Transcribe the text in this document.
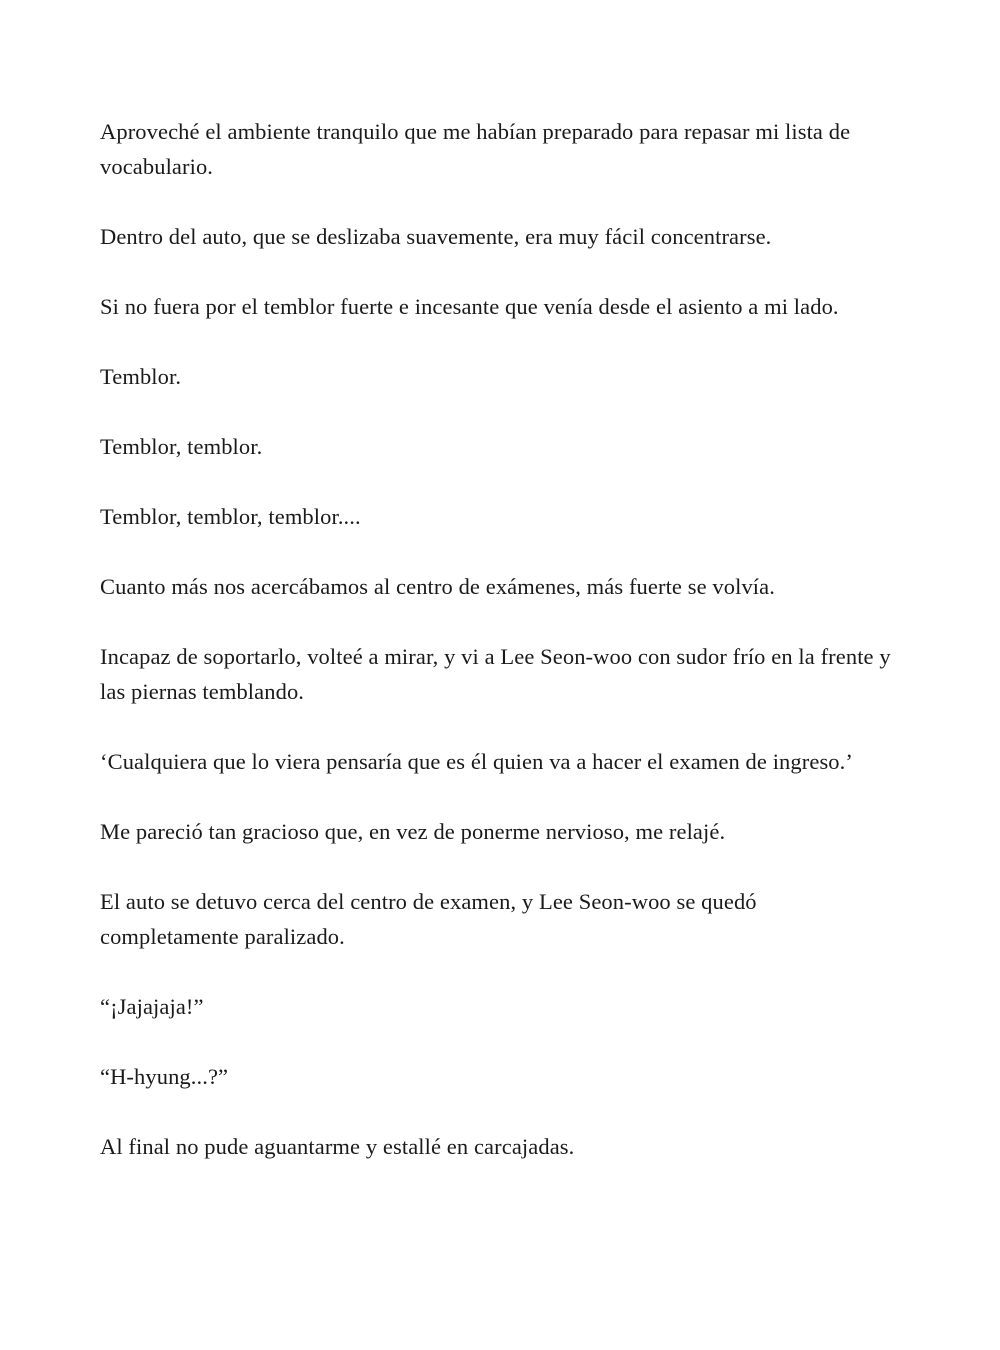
Aproveché el ambiente tranquilo que me habían preparado para repasar mi lista de vocabulario.

Dentro del auto, que se deslizaba suavemente, era muy fácil concentrarse.

Si no fuera por el temblor fuerte e incesante que venía desde el asiento a mi lado.

Temblor.

Temblor, temblor.

Temblor, temblor, temblor....

Cuanto más nos acercábamos al centro de exámenes, más fuerte se volvía.

Incapaz de soportarlo, volteé a mirar, y vi a Lee Seon-woo con sudor frío en la frente y las piernas temblando.

‘Cualquiera que lo viera pensaría que es él quien va a hacer el examen de ingreso.’

Me pareció tan gracioso que, en vez de ponerme nervioso, me relajé.

El auto se detuvo cerca del centro de examen, y Lee Seon-woo se quedó completamente paralizado.

“¡Jajajaja!”

“H-hyung...?”

Al final no pude aguantarme y estallé en carcajadas.
